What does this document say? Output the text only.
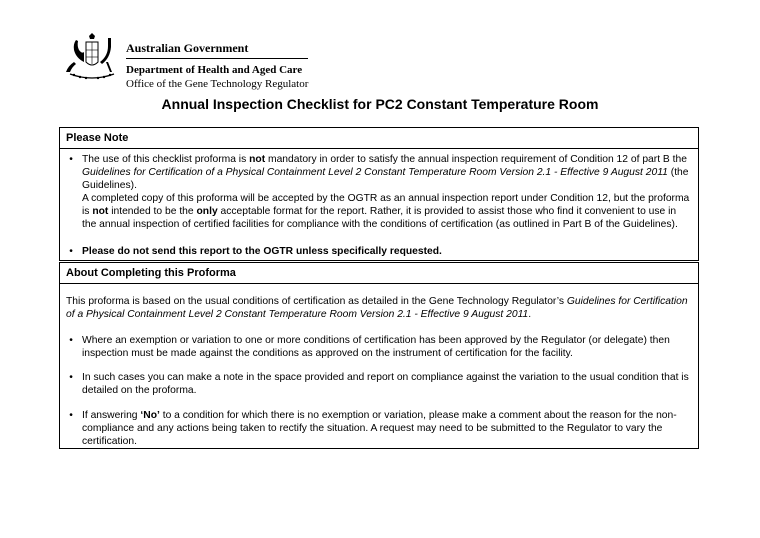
Australian Government
Department of Health and Aged Care
Office of the Gene Technology Regulator
Annual Inspection Checklist for PC2 Constant Temperature Room
Please Note
• The use of this checklist proforma is not mandatory in order to satisfy the annual inspection requirement of Condition 12 of part B the Guidelines for Certification of a Physical Containment Level 2 Constant Temperature Room Version 2.1 - Effective 9 August 2011 (the Guidelines).
A completed copy of this proforma will be accepted by the OGTR as an annual inspection report under Condition 12, but the proforma is not intended to be the only acceptable format for the report. Rather, it is provided to assist those who find it convenient to use in the annual inspection of certified facilities for compliance with the conditions of certification (as outlined in Part B of the Guidelines).
• Please do not send this report to the OGTR unless specifically requested.
About Completing this Proforma
This proforma is based on the usual conditions of certification as detailed in the Gene Technology Regulator’s Guidelines for Certification of a Physical Containment Level 2 Constant Temperature Room Version 2.1 - Effective 9 August 2011.
• Where an exemption or variation to one or more conditions of certification has been approved by the Regulator (or delegate) then inspection must be made against the conditions as approved on the instrument of certification for the facility.
• In such cases you can make a note in the space provided and report on compliance against the variation to the usual condition that is detailed on the proforma.
• If answering ‘No’ to a condition for which there is no exemption or variation, please make a comment about the reason for the non-compliance and any actions being taken to rectify the situation. A request may need to be submitted to the Regulator to vary the certification.
